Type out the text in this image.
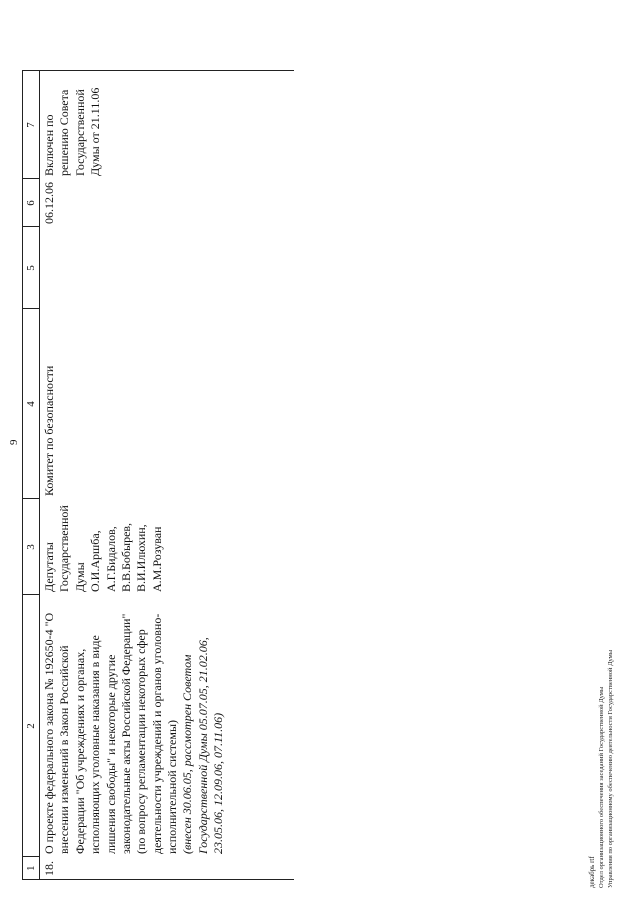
9
1	2	3	4	5	6	7
18.	О проекте федерального закона № 192650-4 "О внесении изменений в Закон Российской Федерации "Об учреждениях и органах, исполняющих уголовные наказания в виде лишения свободы" и некоторые другие законодательные акты Российской Федерации" (по вопросу регламентации некоторых сфер деятельности учреждений и органов уголовно-исполнительной системы) (внесен 30.06.05, рассмотрен Советом Государственной Думы 05.07.05, 21.02.06, 23.05.06, 12.09.06, 07.11.06)	Депутаты Государственной Думы О.И.Аршба, А.Г.Бидалов, В.В.Бобырев, В.И.Илюхин, А.М.Розуван	Комитет по безопасности		06.12.06	Включен по решению Совета Государственной Думы от 21.11.06
декабрь rtf Отдел организационного обеспечения заседаний Государственной Думы Управления по организационному обеспечению деятельности Государственной Думы
